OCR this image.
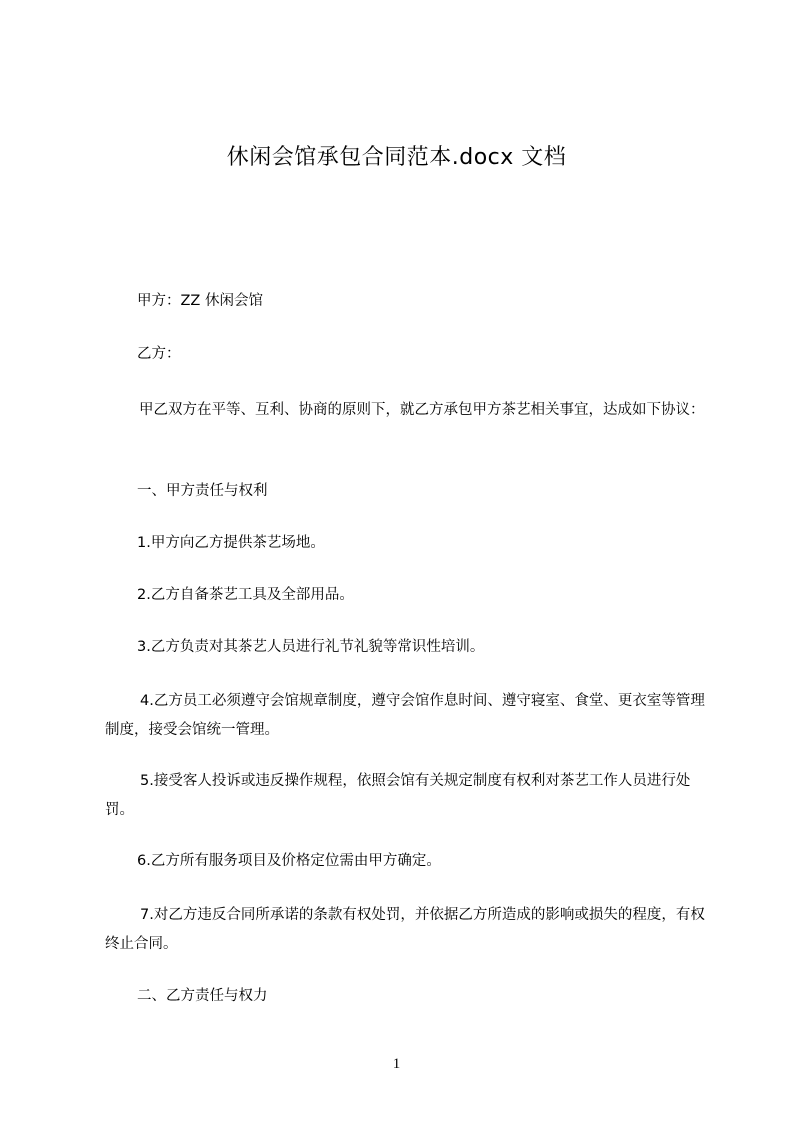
休闲会馆承包合同范本.docx 文档
甲方：ZZ 休闲会馆
乙方：
甲乙双方在平等、互利、协商的原则下，就乙方承包甲方茶艺相关事宜，达成如下协议：
一、甲方责任与权利
1.甲方向乙方提供茶艺场地。
2.乙方自备茶艺工具及全部用品。
3.乙方负责对其茶艺人员进行礼节礼貌等常识性培训。
4.乙方员工必须遵守会馆规章制度，遵守会馆作息时间、遵守寝室、食堂、更衣室等管理制度，接受会馆统一管理。
5.接受客人投诉或违反操作规程，依照会馆有关规定制度有权利对茶艺工作人员进行处罚。
6.乙方所有服务项目及价格定位需由甲方确定。
7.对乙方违反合同所承诺的条款有权处罚，并依据乙方所造成的影响或损失的程度，有权终止合同。
二、乙方责任与权力
1
